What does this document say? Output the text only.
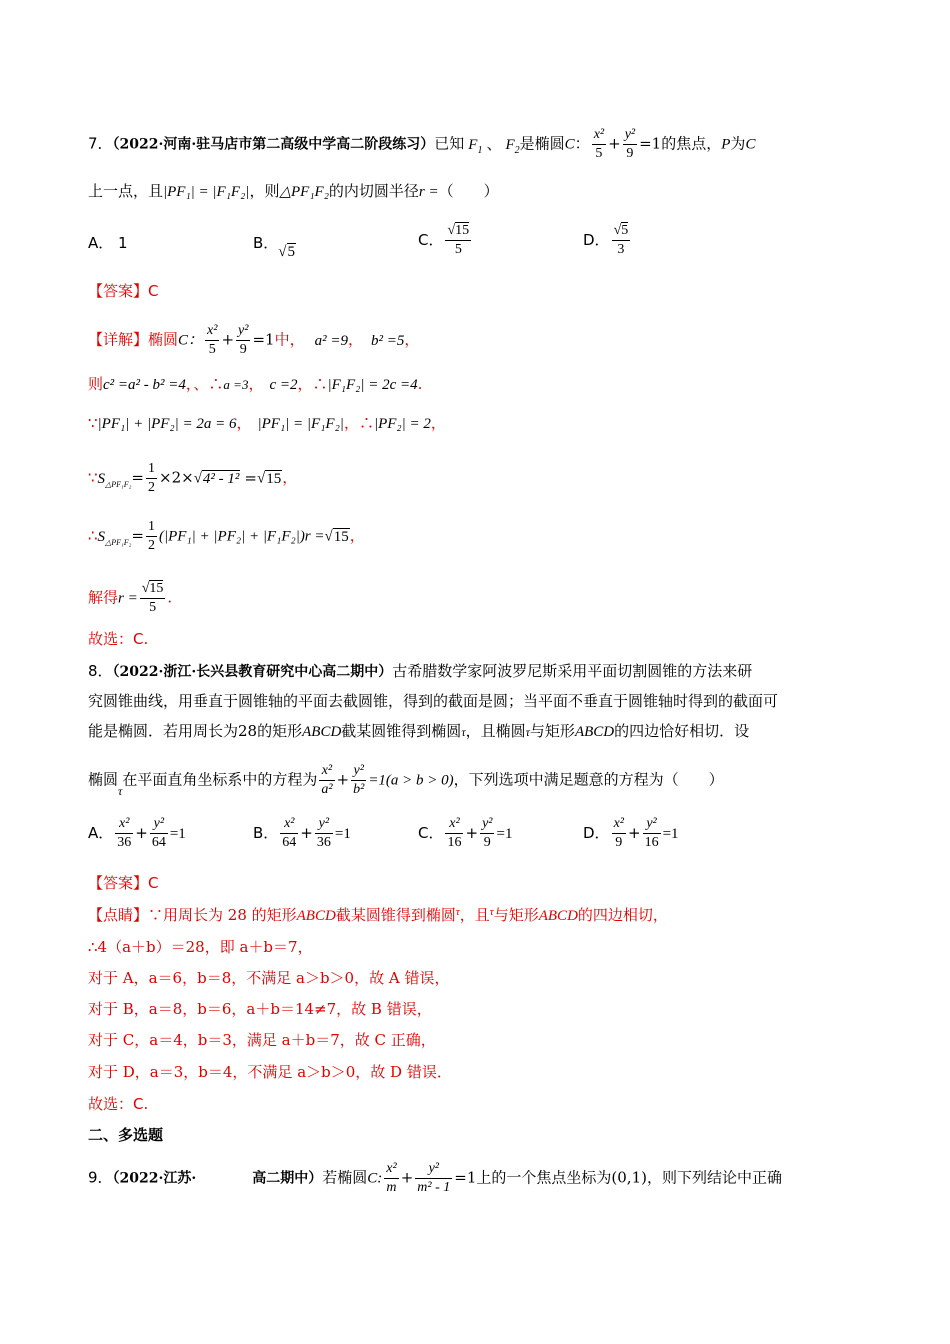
7．（2022·河南·驻马店市第二高级中学高二阶段练习）已知 $F_1$ 、 $F_2$是椭圆C： $\frac{\text{x²}}{5} + \frac{\text{y²}}{9} =1$的焦点，P为C
上一点，且|PF₁| = |F₁F₂|，则△PF₁F₂的内切圆半径r =（　　）
A． 1	B．√5
C． $\frac{√15}{5}$	D． $\frac{√5}{3}$
【答案】C
【详解】椭圆C： $\frac{\text{x²}}{5} + \frac{\text{y²}}{9} =1$中， a² =9， b² =5，
则c² =a² - b² =4，、∴a =3， c =2，∴|F₁F₂| = 2c =4.
∵|PF₁| + |PF₂| = 2a = 6， |PF₁| = |F₁F₂|，∴|PF₂| = 2，
$\because S_{\triangle PF_1F_2}= \frac{1}{2} \times 2\times√4^2 - 1^2 =√15$，
$\therefore S_{\triangle PF_1F_2}= \frac{1}{2} (|PF_1| + |PF_2| + |F_1F_2|)r =√15$，
解得$r = \frac{√15}{5}$ .
故选：C.
8．（2022·浙江·长兴县教育研究中心高二期中）古希腊数学家阿波罗尼斯采用平面切割圆锥的方法来研
究圆锥曲线，用垂直于圆锥轴的平面去截圆锥，得到的截面是圆；当平面不垂直于圆锥轴时得到的截面可
能是椭圆．若用周长为28的矩形ABCD截某圆锥得到椭圆τ，且椭圆τ与矩形ABCD的四边恰好相切．设
椭圆$_\tau$在平面直角坐标系中的方程为 $\frac{\text{x²}}{\text{a²}} + \frac{\text{y²}}{\text{b²}} =1(a > b > 0)$，下列选项中满足题意的方程为（　　）
A． $\frac{\text{x²}}{36} + \frac{\text{y²}}{64} =1$	B． $\frac{\text{x²}}{64} + \frac{\text{y²}}{36} =1$	C． $\frac{\text{x²}}{16} + \frac{\text{y²}}{9} =1$	D． $\frac{\text{x²}}{9} + \frac{\text{y²}}{16} =1$
【答案】C
【点睛】∵用周长为 28 的矩形ABCD截某圆锥得到椭圆$^\tau$，且$^\tau$与矩形ABCD的四边相切，
∴4（a＋b）＝28，即 a＋b＝7，
对于 A，a＝6，b＝8，不满足 a＞b＞0，故 A 错误，
对于 B，a＝8，b＝6，a＋b＝14≠7，故 B 错误，
对于 C，a＝4，b＝3，满足 a＋b＝7，故 C 正确，
对于 D，a＝3，b＝4，不满足 a＞b＞0，故 D 错误．
故选：C.
二、多选题
9．（2022·江苏·	高二期中）若椭圆C: $\frac{\text{x²}}{m} + \frac{\text{y²}}{\text{m² - 1}} =1$上的一个焦点坐标为(0,1)，则下列结论中正确
